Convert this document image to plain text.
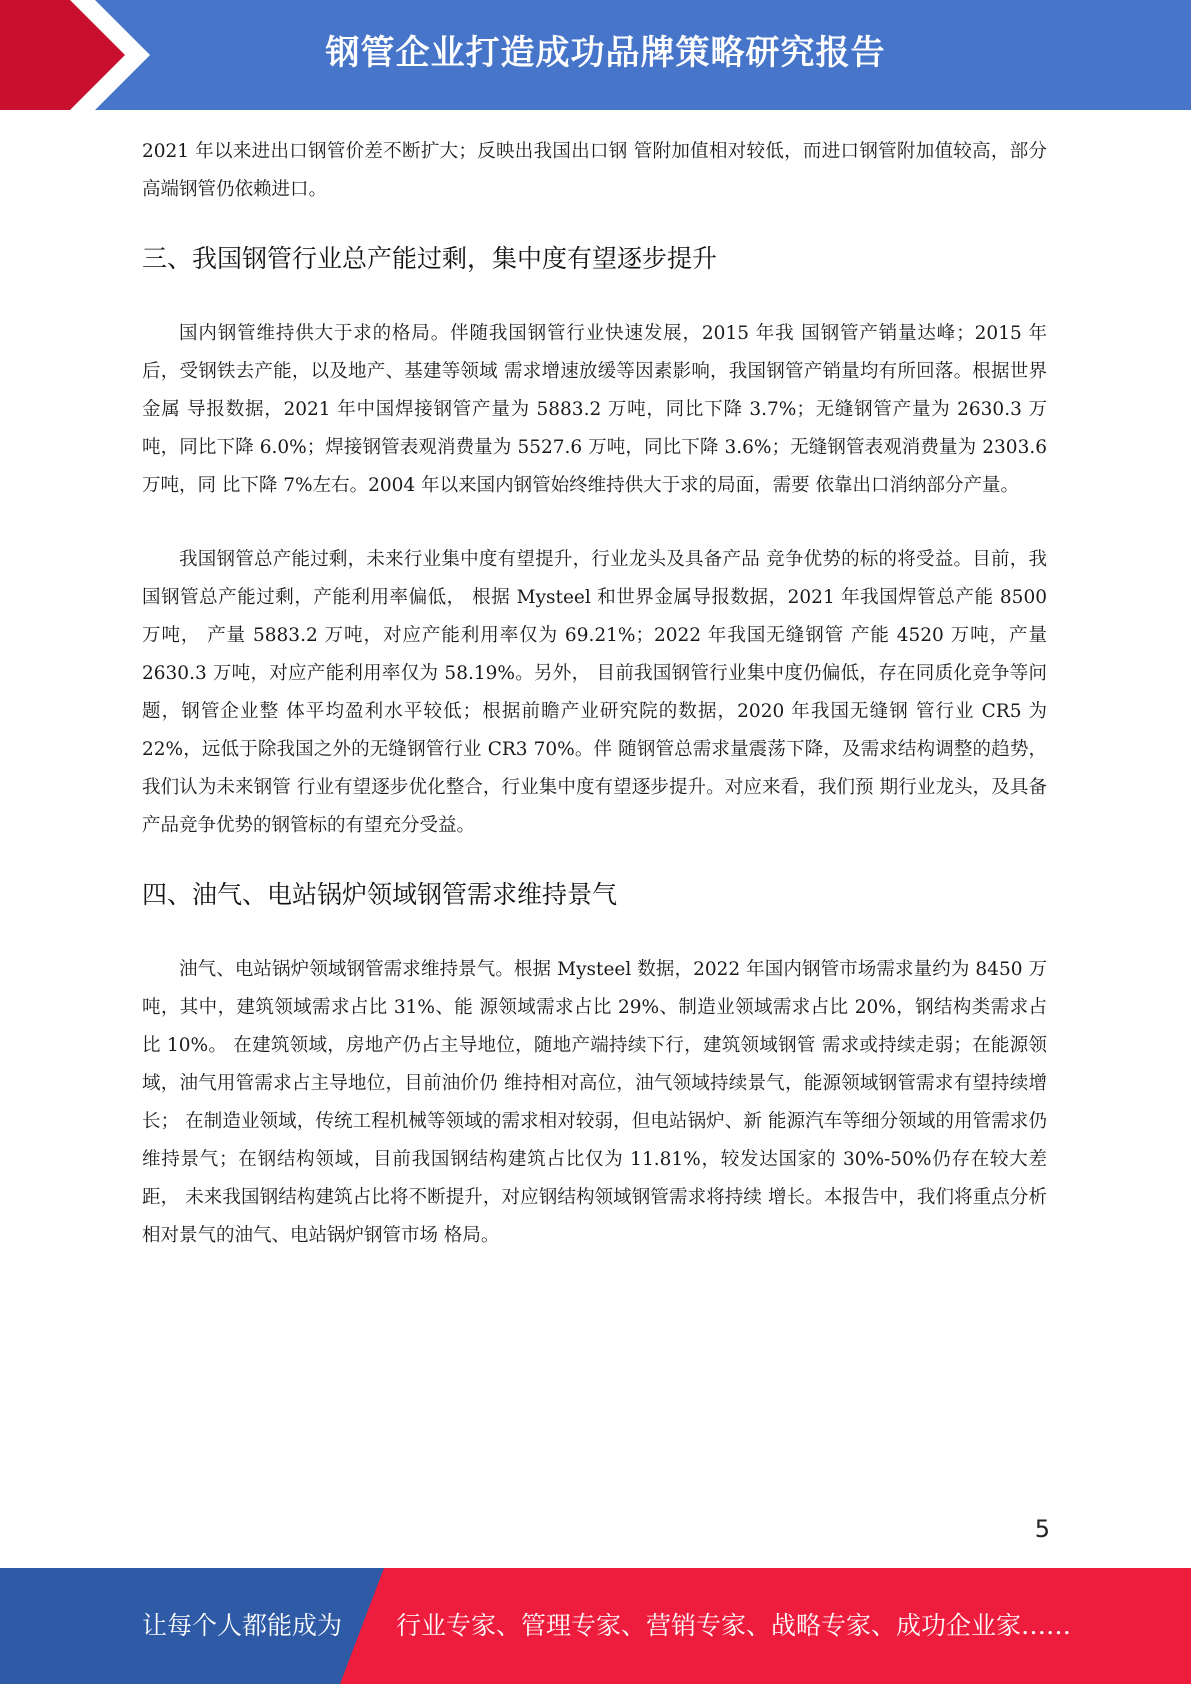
钢管企业打造成功品牌策略研究报告

2021 年以来进出口钢管价差不断扩大；反映出我国出口钢 管附加值相对较低，而进口钢管附加值较高，部分高端钢管仍依赖进口。

三、我国钢管行业总产能过剩，集中度有望逐步提升

国内钢管维持供大于求的格局。伴随我国钢管行业快速发展，2015 年我 国钢管产销量达峰；2015 年后，受钢铁去产能，以及地产、基建等领域 需求增速放缓等因素影响，我国钢管产销量均有所回落。根据世界金属 导报数据，2021 年中国焊接钢管产量为 5883.2 万吨，同比下降 3.7%；无缝钢管产量为 2630.3 万吨，同比下降 6.0%；焊接钢管表观消费量为 5527.6 万吨，同比下降 3.6%；无缝钢管表观消费量为 2303.6 万吨，同 比下降 7%左右。2004 年以来国内钢管始终维持供大于求的局面，需要 依靠出口消纳部分产量。

我国钢管总产能过剩，未来行业集中度有望提升，行业龙头及具备产品 竞争优势的标的将受益。目前，我国钢管总产能过剩，产能利用率偏低， 根据 Mysteel 和世界金属导报数据，2021 年我国焊管总产能 8500 万吨， 产量 5883.2 万吨，对应产能利用率仅为 69.21%；2022 年我国无缝钢管 产能 4520 万吨，产量 2630.3 万吨，对应产能利用率仅为 58.19%。另外， 目前我国钢管行业集中度仍偏低，存在同质化竞争等问题，钢管企业整 体平均盈利水平较低；根据前瞻产业研究院的数据，2020 年我国无缝钢 管行业 CR5 为 22%，远低于除我国之外的无缝钢管行业 CR3 70%。伴 随钢管总需求量震荡下降，及需求结构调整的趋势，我们认为未来钢管 行业有望逐步优化整合，行业集中度有望逐步提升。对应来看，我们预 期行业龙头，及具备产品竞争优势的钢管标的有望充分受益。

四、油气、电站锅炉领域钢管需求维持景气

油气、电站锅炉领域钢管需求维持景气。根据 Mysteel 数据，2022 年国内钢管市场需求量约为 8450 万吨，其中，建筑领域需求占比 31%、能 源领域需求占比 29%、制造业领域需求占比 20%，钢结构类需求占比 10%。 在建筑领域，房地产仍占主导地位，随地产端持续下行，建筑领域钢管 需求或持续走弱；在能源领域，油气用管需求占主导地位，目前油价仍 维持相对高位，油气领域持续景气，能源领域钢管需求有望持续增长； 在制造业领域，传统工程机械等领域的需求相对较弱，但电站锅炉、新 能源汽车等细分领域的用管需求仍维持景气；在钢结构领域，目前我国钢结构建筑占比仅为 11.81%，较发达国家的 30%-50%仍存在较大差距， 未来我国钢结构建筑占比将不断提升，对应钢结构领域钢管需求将持续 增长。本报告中，我们将重点分析相对景气的油气、电站锅炉钢管市场 格局。

5
让每个人都能成为 行业专家、管理专家、营销专家、战略专家、成功企业家……
